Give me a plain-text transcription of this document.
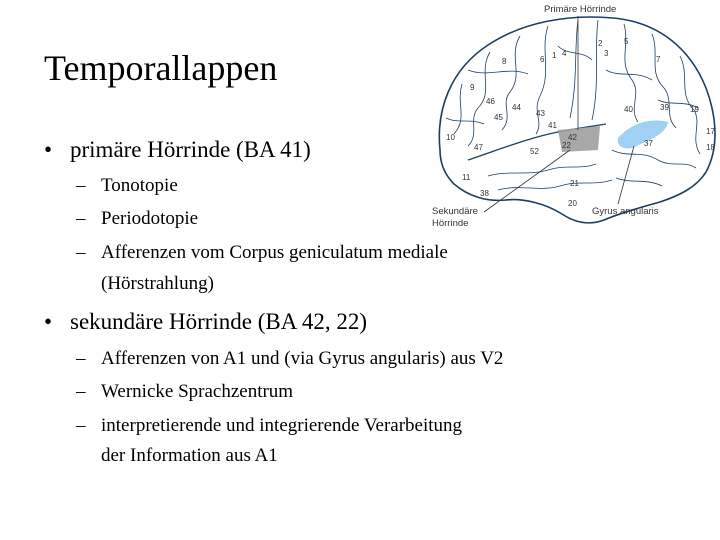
Temporallappen
• primäre Hörrinde (BA 41)
– Tonotopie
– Periodotopie
– Afferenzen vom Corpus geniculatum mediale
(Hörstrahlung)
• sekundäre Hörrinde (BA 42, 22)
– Afferenzen von A1 und (via Gyrus angularis) aus V2
– Wernicke Sprachzentrum
– interpretierende und integrierende Verarbeitung
der Information aus A1
1
2
3
4
5
6	7
8
9
10
11
17
18
19
20
21
22	37
38
39
40
41
42
43
44
45
46
47	52
Primäre Hörrinde
Sekundäre
Hörrinde
Gyrus angularis
